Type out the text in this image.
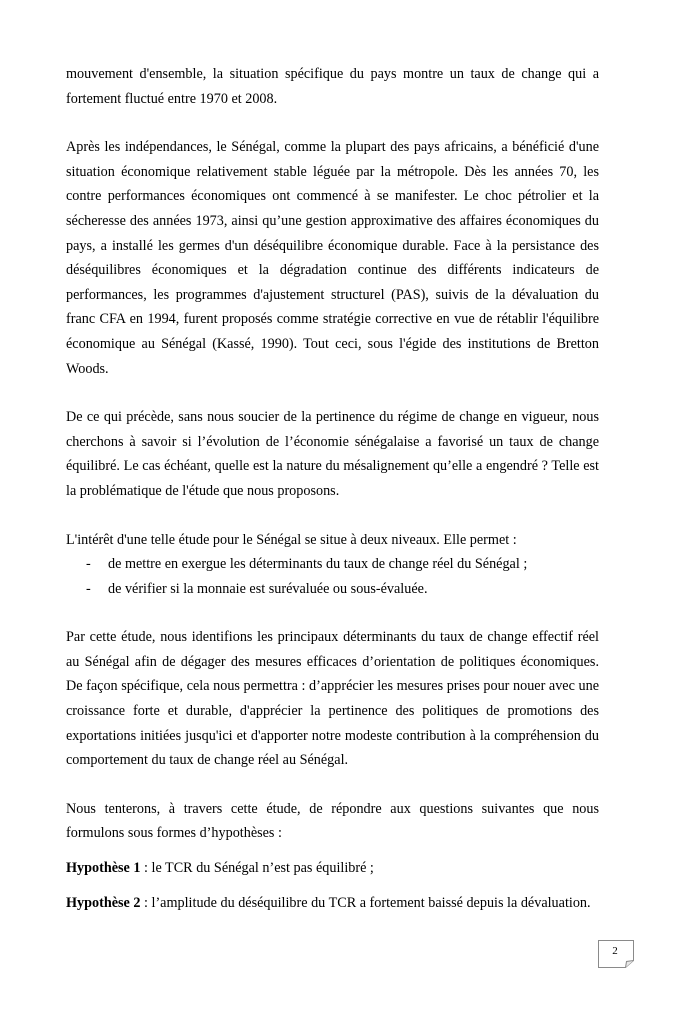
mouvement d'ensemble, la situation spécifique du pays montre un taux de change qui a fortement fluctué entre 1970 et 2008.

Après les indépendances, le Sénégal, comme la plupart des pays africains, a bénéficié d'une situation économique relativement stable léguée par la métropole. Dès les années 70, les contre performances économiques ont commencé à se manifester. Le choc pétrolier et la sécheresse des années 1973, ainsi qu’une gestion approximative des affaires économiques du pays, a installé les germes d'un déséquilibre économique durable. Face à la persistance des déséquilibres économiques et la dégradation continue des différents indicateurs de performances, les programmes d'ajustement structurel (PAS), suivis de la dévaluation du franc CFA en 1994, furent proposés comme stratégie corrective en vue de rétablir l'équilibre économique au Sénégal (Kassé, 1990). Tout ceci, sous l'égide des institutions de Bretton Woods.

De ce qui précède, sans nous soucier de la pertinence du régime de change en vigueur, nous cherchons à savoir si l’évolution de l’économie sénégalaise a favorisé un taux de change équilibré. Le cas échéant, quelle est la nature du mésalignement qu’elle a engendré ? Telle est la problématique de l'étude que nous proposons.

L'intérêt d'une telle étude pour le Sénégal se situe à deux niveaux. Elle permet :

- de mettre en exergue les déterminants du taux de change réel du Sénégal ;
- de vérifier si la monnaie est surévaluée ou sous-évaluée.

Par cette étude, nous identifions les principaux déterminants du taux de change effectif réel au Sénégal afin de dégager des mesures efficaces d’orientation de politiques économiques. De façon spécifique, cela nous permettra : d’apprécier les mesures prises pour nouer avec une croissance forte et durable, d'apprécier la pertinence des politiques de promotions des exportations initiées jusqu'ici et d'apporter notre modeste contribution à la compréhension du comportement du taux de change réel au Sénégal.

Nous tenterons, à travers cette étude, de répondre aux questions suivantes que nous formulons sous formes d’hypothèses :

Hypothèse 1 : le TCR du Sénégal n’est pas équilibré ;

Hypothèse 2 : l’amplitude du déséquilibre du TCR a fortement baissé depuis la dévaluation.

2
